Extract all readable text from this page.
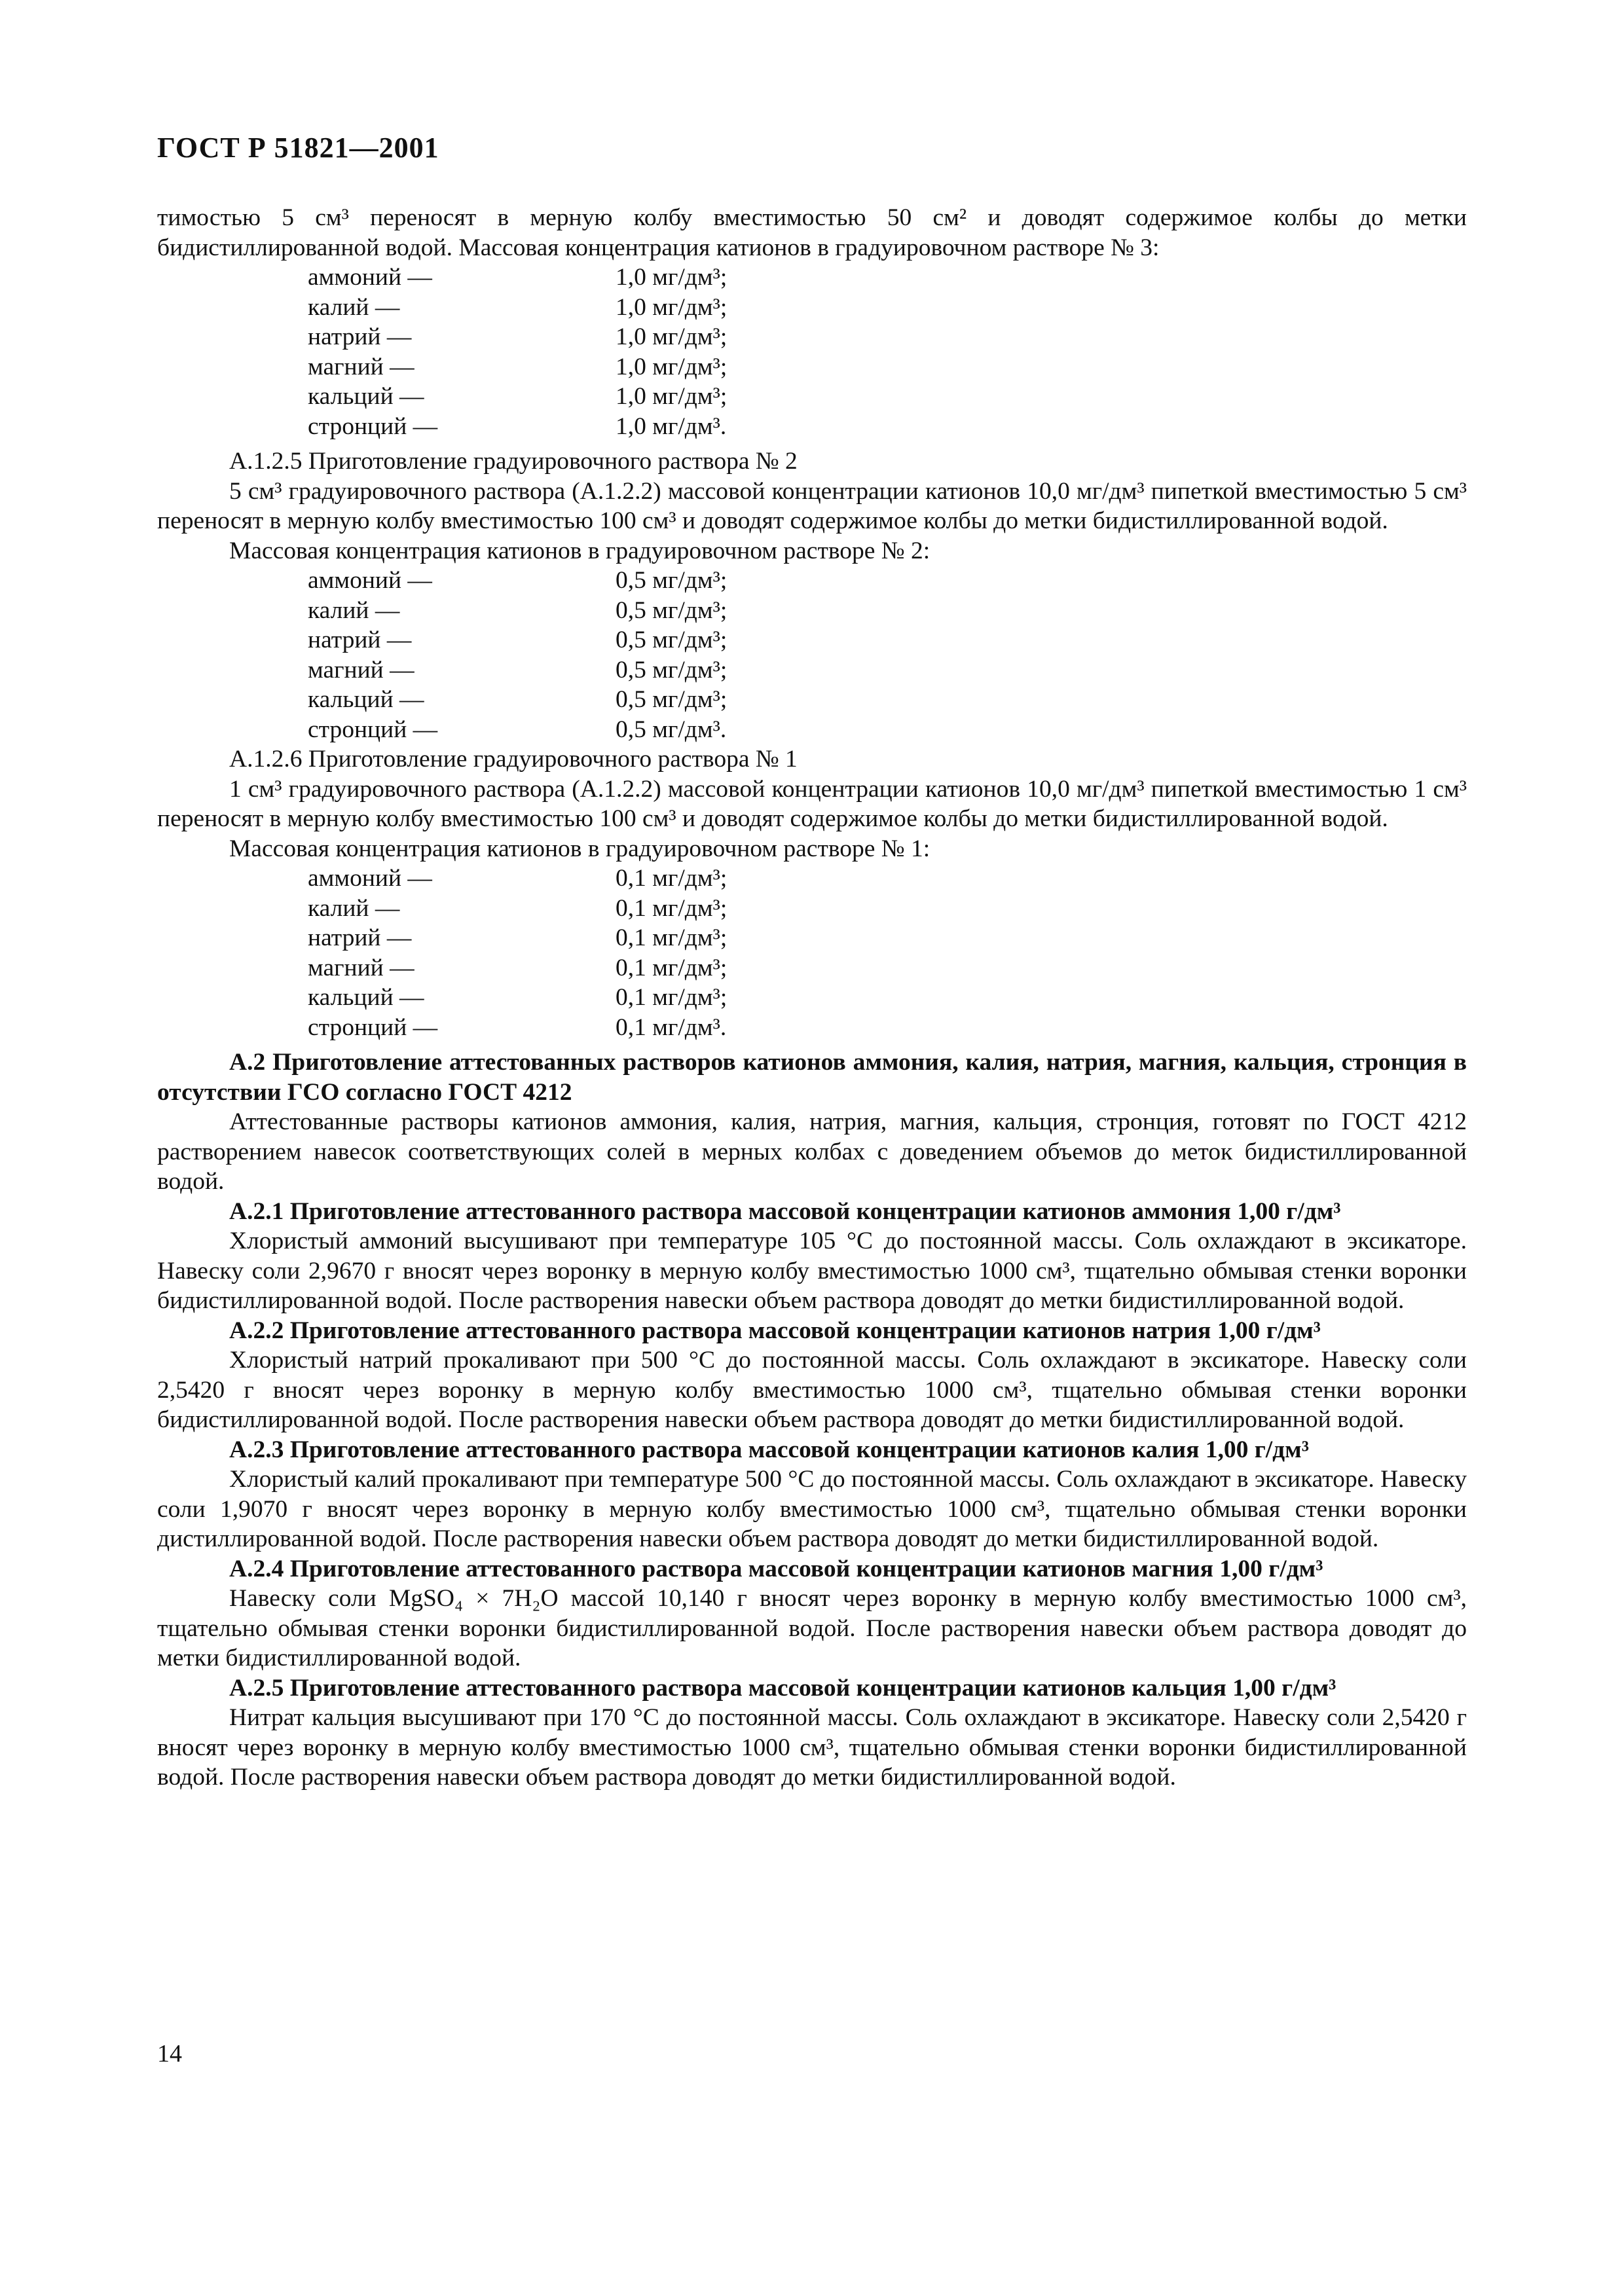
ГОСТ Р 51821—2001

тимостью 5 см³ переносят в мерную колбу вместимостью 50 см² и доводят содержимое колбы до метки бидистиллированной водой. Массовая концентрация катионов в градуировочном растворе № 3:

аммоний —	1,0 мг/дм³;
калий —	1,0 мг/дм³;
натрий —	1,0 мг/дм³;
магний —	1,0 мг/дм³;
кальций —	1,0 мг/дм³;
стронций —	1,0 мг/дм³.

А.1.2.5 Приготовление градуировочного раствора № 2

5 см³ градуировочного раствора (А.1.2.2) массовой концентрации катионов 10,0 мг/дм³ пипеткой вместимостью 5 см³ переносят в мерную колбу вместимостью 100 см³ и доводят содержимое колбы до метки бидистиллированной водой.

Массовая концентрация катионов в градуировочном растворе № 2:

аммоний —	0,5 мг/дм³;
калий —	0,5 мг/дм³;
натрий —	0,5 мг/дм³;
магний —	0,5 мг/дм³;
кальций —	0,5 мг/дм³;
стронций —	0,5 мг/дм³.

А.1.2.6 Приготовление градуировочного раствора № 1

1 см³ градуировочного раствора (А.1.2.2) массовой концентрации катионов 10,0 мг/дм³ пипеткой вместимостью 1 см³ переносят в мерную колбу вместимостью 100 см³ и доводят содержимое колбы до метки бидистиллированной водой.

Массовая концентрация катионов в градуировочном растворе № 1:

аммоний —	0,1 мг/дм³;
калий —	0,1 мг/дм³;
натрий —	0,1 мг/дм³;
магний —	0,1 мг/дм³;
кальций —	0,1 мг/дм³;
стронций —	0,1 мг/дм³.

А.2 Приготовление аттестованных растворов катионов аммония, калия, натрия, магния, кальция, стронция в отсутствии ГСО согласно ГОСТ 4212

Аттестованные растворы катионов аммония, калия, натрия, магния, кальция, стронция, готовят по ГОСТ 4212 растворением навесок соответствующих солей в мерных колбах с доведением объемов до меток бидистиллированной водой.

А.2.1 Приготовление аттестованного раствора массовой концентрации катионов аммония 1,00 г/дм³

Хлористый аммоний высушивают при температуре 105 °С до постоянной массы. Соль охлаждают в эксикаторе. Навеску соли 2,9670 г вносят через воронку в мерную колбу вместимостью 1000 см³, тщательно обмывая стенки воронки бидистиллированной водой. После растворения навески объем раствора доводят до метки бидистиллированной водой.

А.2.2 Приготовление аттестованного раствора массовой концентрации катионов натрия 1,00 г/дм³

Хлористый натрий прокаливают при 500 °С до постоянной массы. Соль охлаждают в эксикаторе. Навеску соли 2,5420 г вносят через воронку в мерную колбу вместимостью 1000 см³, тщательно обмывая стенки воронки бидистиллированной водой. После растворения навески объем раствора доводят до метки бидистиллированной водой.

А.2.3 Приготовление аттестованного раствора массовой концентрации катионов калия 1,00 г/дм³

Хлористый калий прокаливают при температуре 500 °С до постоянной массы. Соль охлаждают в эксикаторе. Навеску соли 1,9070 г вносят через воронку в мерную колбу вместимостью 1000 см³, тщательно обмывая стенки воронки дистиллированной водой. После растворения навески объем раствора доводят до метки бидистиллированной водой.

А.2.4 Приготовление аттестованного раствора массовой концентрации катионов магния 1,00 г/дм³

Навеску соли MgSO₄ × 7H₂O массой 10,140 г вносят через воронку в мерную колбу вместимостью 1000 см³, тщательно обмывая стенки воронки бидистиллированной водой. После растворения навески объем раствора доводят до метки бидистиллированной водой.

А.2.5 Приготовление аттестованного раствора массовой концентрации катионов кальция 1,00 г/дм³

Нитрат кальция высушивают при 170 °С до постоянной массы. Соль охлаждают в эксикаторе. Навеску соли 2,5420 г вносят через воронку в мерную колбу вместимостью 1000 см³, тщательно обмывая стенки воронки бидистиллированной водой. После растворения навески объем раствора доводят до метки бидистиллированной водой.

14
